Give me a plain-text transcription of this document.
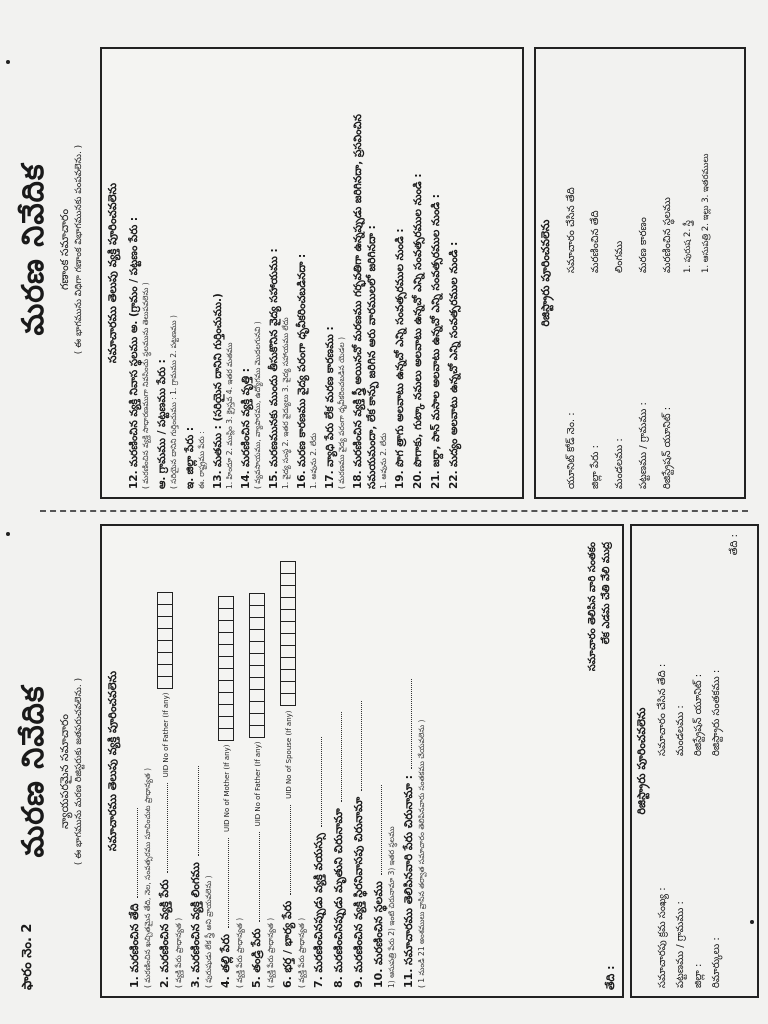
ఫారం నెం. 2
మరణ నివేదిక న్యాయపరమైన సమాచారం ( ఈ భాగమును మరణ రిజిస్టరుకు జతపరుచవలెను. )	సమాచారము తెలుపు వ్యక్తి పూరించవలెను
1. మరణించిన తేది ( మరణించిన ఖచ్చితమైన తేది, నెల, సంవత్సరము సూచించుట ప్రాధాన్యత ) 2. మరణించిన వ్యక్తి పేరుUID No of Father (If any)
( వ్యక్తి పేరు ప్రాధాన్యత ) 3. మరణించిన వ్యక్తి లింగము ( పురుషుడు లేక స్త్రీ అని వ్రాయవలెను ) 4. తల్లి పేరుUID No of Mother (If any)
( వ్యక్తి పేరు ప్రాధాన్యత ) 5. తండ్రి పేరుUID No of Father (If any)
( వ్యక్తి పేరు ప్రాధాన్యత ) 6. భర్త / భార్య పేరుUID No of Spouse (If any)
( వ్యక్తి పేరు ప్రాధాన్యత ) 7. మరణించినప్పుడు వ్యక్తి వయస్సు
8. మరణించినప్పుడు మృతుని చిరునామా
9. మరణించిన వ్యక్తి స్థిరనివాసపు చిరునామా
10. మరణించిన స్థలము 1) ఆసుపత్రి పేరు 2) ఇంటి చిరునామా 3) ఇతర స్థలము 11. సమాచారము తెలిపినవారి పేరు చిరునామా : ( 1 నుండి 21 అంశములు వ్రాసిన తర్వాత సమాచారం తెలిపినవారు సంతకము చేయవలెను )
సమాచారం తెలిపిన వారి సంతకం లేక ఎడమ చేతి వేలి ముద్ర
తేది :
రిజిస్ట్రారు పూరించవలెను
సమాచారపు క్రమ సంఖ్య :
సమాచారం చేసిన తేది :
పట్టణము / గ్రామము :
మండలము :
జిల్లా :
రిజిస్ట్రేషన్ యూనిట్ :
రిమార్కులు :
రిజిస్ట్రారు సంతకము :
తేది :
మరణ నివేదిక గణాంక సమాచారం ( ఈ భాగమును విధిగా గణాంక విభాగమునకు పంపవలెను. )	సమాచారము తెలుపు వ్యక్తి పూరించవలెను
12. మరణించిన వ్యక్తి నివాస స్థలము అ. (గ్రామం / పట్టణం పేరు : ( మరణించిన వ్యక్తి సాధారణముగా నివసించు స్థలమును తెలుపవలెను ) ఆ. గ్రామము / పట్టణము పేరు : ( సరియైన దానిని గుర్తించుము : 1. గ్రామము 2. పట్టణము ) ఇ. జిల్లా పేరు : ఈ. రాష్ట్రము పేరు : 13. మతము : (సరియైన దానిని గుర్తించుము.) 1. హిందూ 2. ముస్లిం 3. క్రైస్తవ 4. ఇతర మతము 14. మరణించిన వ్యక్తి వృత్తి : ( వ్యవసాయము, వ్యాపారము, ఉద్యోగము మొదలగునవి ) 15. మరణమునకు ముందు తీసుకొనిన వైద్య సహాయము : 1. వైద్య సంస్థ 2. ఇతర వైద్యులు 3. వైద్య సహాయము లేదు 16. మరణ కారణము వైద్య పరంగా ధృవీకరించబడినదా : 1. అవును 2. లేదు 17. వ్యాధి పేరు లేక మరణ కారణము : ( మరణము వైద్య పరంగా ధృవీకరించబడిన యెడల ) 18. మరణించిన వ్యక్తి స్త్రీ అయినచో మరణము గర్భవతిగా ఉన్నప్పుడు జరిగినదా, ప్రసవించిన సమయమందా, లేక కాన్పు జరిగిన ఆరు వారములలో జరిగినదా : 1. అవును 2. లేదు 19. పొగ త్రాగు అలవాటు ఉన్నచో ఎన్ని సంవత్సరముల నుండి :
20. పొగాకు, గుట్కా నమలు అలవాటు ఉన్నచో ఎన్ని సంవత్సరముల నుండి :
21. జర్దా, పాన్ మసాల అలవాటు ఉన్నచో ఎన్ని సంవత్సరముల నుండి :
22. మద్యం అలవాటు ఉన్నచో ఎన్ని సంవత్సరముల నుండి :	రిజిస్ట్రారు పూరించవలెను
యూనిట్ కోడ్ నెం. :	జిల్లా పేరు :	మండలము :	పట్టణము / గ్రామము :	రిజిస్ట్రేషన్ యూనిట్ :
సమాచారం చేసిన తేది	మరణించిన తేది	లింగము	మరణ కారణం	మరణించిన స్థలము	1. పురుష 2. స్త్రీ 1. ఆసుపత్రి 2. ఇల్లు 3. ఇతరములు
